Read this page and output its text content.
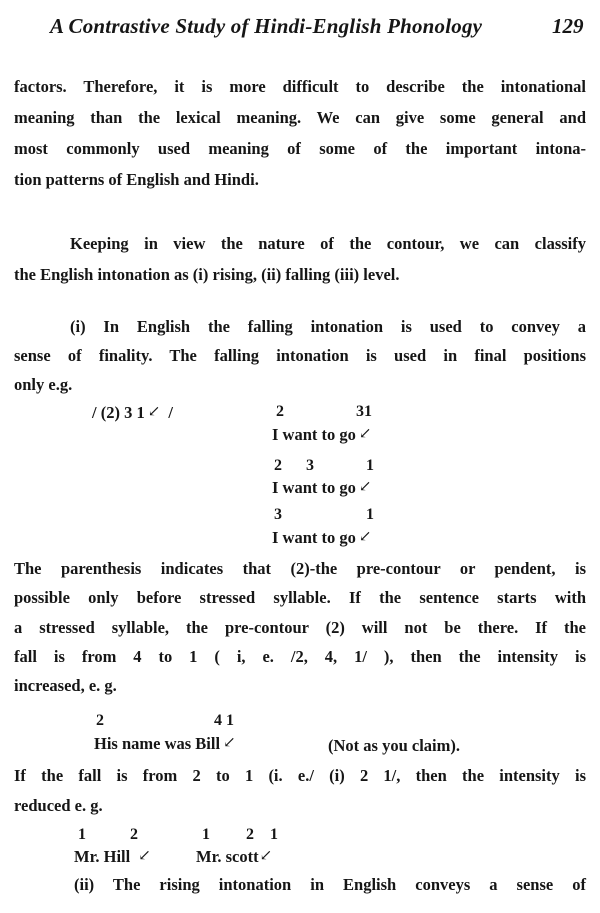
A Contrastive Study of Hindi-English Phonology	129
factors. Therefore, it is more difficult to describe the intonational
meaning than the lexical meaning. We can give some general and
most commonly used meaning of some of the important intona-
tion patterns of English and Hindi.
Keeping in view the nature of the contour, we can classify
the English intonation as (i) rising, (ii) falling (iii) level.
(i) In English the falling intonation is used to convey a
sense of finality. The falling intonation is used in final positions
only e.g.
/ (2) 3 1 ↙ /	2	31
I want to go ↙
2 3	1
I want to go ↙
3	1
I want to go ↙
The parenthesis indicates that (2)-the pre-contour or pendent, is
possible only before stressed syllable. If the sentence starts with
a stressed syllable, the pre-contour (2) will not be there. If the
fall is from 4 to 1 ( i, e. /2, 4, 1/ ), then the intensity is
increased, e. g.
2	4 1
His name was Bill ↙	(Not as you claim).
If the fall is from 2 to 1 (i. e./ (i) 2 1/, then the intensity is
reduced e. g.
1	2	1 2 1
Mr. Hill ↙	Mr. scott↙
(ii) The rising intonation in English conveys a sense of
